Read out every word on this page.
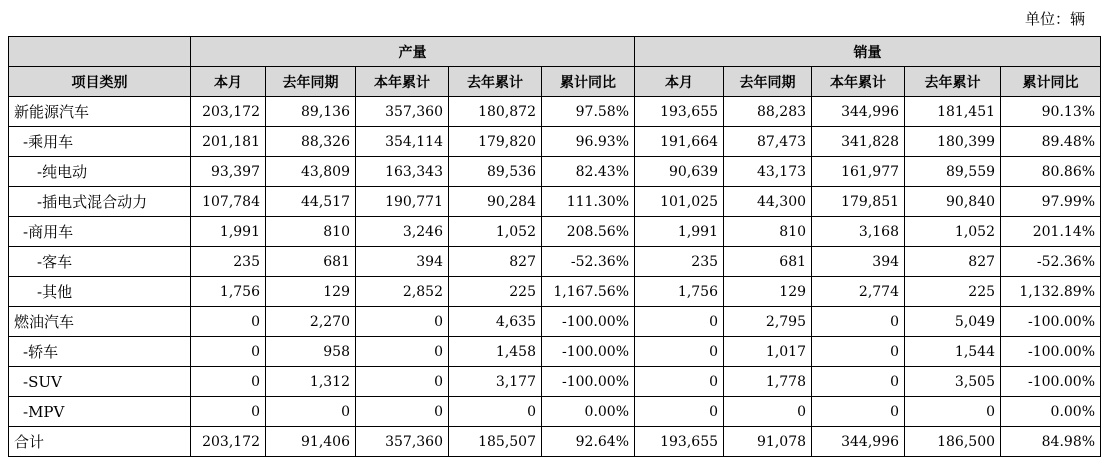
单位：辆
	产量					销量				
项目类别	本月	去年同期	本年累计	去年累计	累计同比	本月	去年同期	本年累计	去年累计	累计同比
新能源汽车	203,172	89,136	357,360	180,872	97.58%	193,655	88,283	344,996	181,451	90.13%
-乘用车	201,181	88,326	354,114	179,820	96.93%	191,664	87,473	341,828	180,399	89.48%
-纯电动	93,397	43,809	163,343	89,536	82.43%	90,639	43,173	161,977	89,559	80.86%
-插电式混合动力	107,784	44,517	190,771	90,284	111.30%	101,025	44,300	179,851	90,840	97.99%
-商用车	1,991	810	3,246	1,052	208.56%	1,991	810	3,168	1,052	201.14%
-客车	235	681	394	827	-52.36%	235	681	394	827	-52.36%
-其他	1,756	129	2,852	225	1,167.56%	1,756	129	2,774	225	1,132.89%
燃油汽车	0	2,270	0	4,635	-100.00%	0	2,795	0	5,049	-100.00%
-轿车	0	958	0	1,458	-100.00%	0	1,017	0	1,544	-100.00%
-SUV	0	1,312	0	3,177	-100.00%	0	1,778	0	3,505	-100.00%
-MPV	0	0	0	0	0.00%	0	0	0	0	0.00%
合计	203,172	91,406	357,360	185,507	92.64%	193,655	91,078	344,996	186,500	84.98%
